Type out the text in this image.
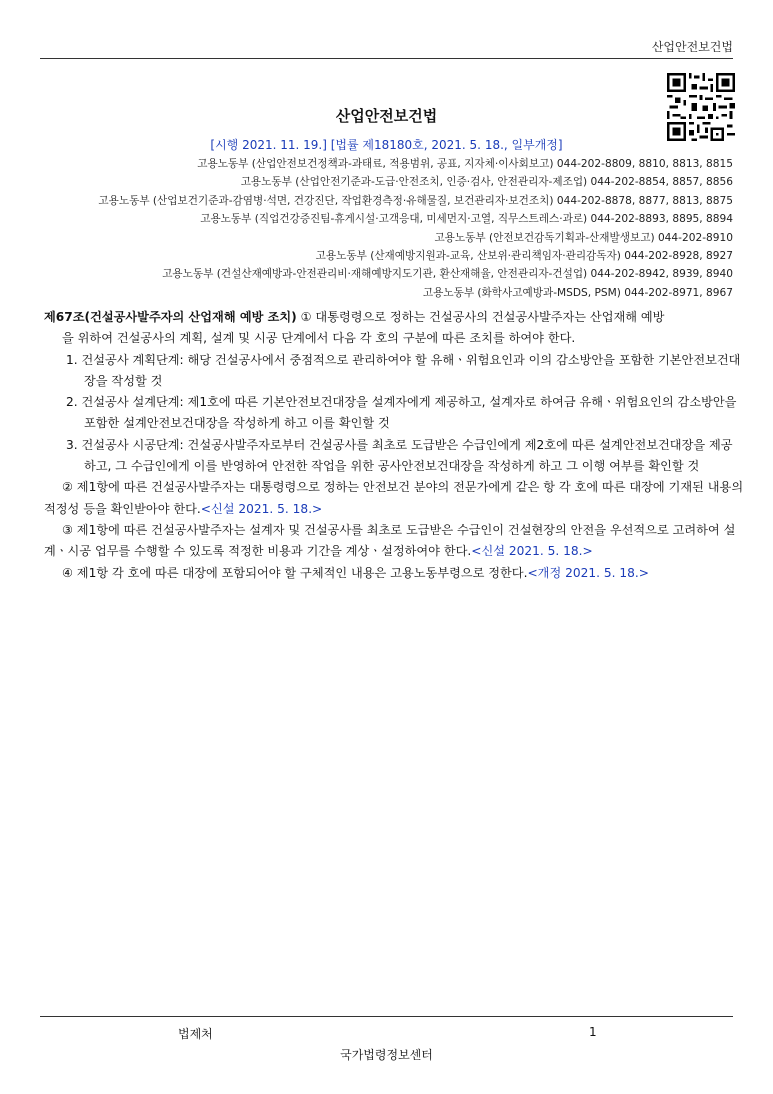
산업안전보건법
산업안전보건법
[시행 2021. 11. 19.] [법률 제18180호, 2021. 5. 18., 일부개정]
고용노동부 (산업안전보건정책과-과태료, 적용범위, 공표, 지자체·이사회보고) 044-202-8809, 8810, 8813, 8815
고용노동부 (산업안전기준과-도급·안전조치, 인증·검사, 안전관리자-제조업) 044-202-8854, 8857, 8856
고용노동부 (산업보건기준과-감염병·석면, 건강진단, 작업환경측정·유해물질, 보건관리자·보건조치) 044-202-8878, 8877, 8813, 8875
고용노동부 (직업건강증진팀-휴게시설·고객응대, 미세먼지·고열, 직무스트레스·과로) 044-202-8893, 8895, 8894
고용노동부 (안전보건감독기획과-산재발생보고) 044-202-8910
고용노동부 (산재예방지원과-교육, 산보위·관리책임자·관리감독자) 044-202-8928, 8927
고용노동부 (건설산재예방과-안전관리비·재해예방지도기관, 환산재해율, 안전관리자-건설업) 044-202-8942, 8939, 8940
고용노동부 (화학사고예방과-MSDS, PSM) 044-202-8971, 8967

제67조(건설공사발주자의 산업재해 예방 조치) ① 대통령령으로 정하는 건설공사의 건설공사발주자는 산업재해 예방

을 위하여 건설공사의 계획, 설계 및 시공 단계에서 다음 각 호의 구분에 따른 조치를 하여야 한다.

1. 건설공사 계획단계: 해당 건설공사에서 중점적으로 관리하여야 할 유해ㆍ위험요인과 이의 감소방안을 포함한 기본안전보건대장을 작성할 것

2. 건설공사 설계단계: 제1호에 따른 기본안전보건대장을 설계자에게 제공하고, 설계자로 하여금 유해ㆍ위험요인의 감소방안을 포함한 설계안전보건대장을 작성하게 하고 이를 확인할 것

3. 건설공사 시공단계: 건설공사발주자로부터 건설공사를 최초로 도급받은 수급인에게 제2호에 따른 설계안전보건대장을 제공하고, 그 수급인에게 이를 반영하여 안전한 작업을 위한 공사안전보건대장을 작성하게 하고 그 이행 여부를 확인할 것

② 제1항에 따른 건설공사발주자는 대통령령으로 정하는 안전보건 분야의 전문가에게 같은 항 각 호에 따른 대장에 기재된 내용의 적정성 등을 확인받아야 한다.<신설 2021. 5. 18.>

③ 제1항에 따른 건설공사발주자는 설계자 및 건설공사를 최초로 도급받은 수급인이 건설현장의 안전을 우선적으로 고려하여 설계ㆍ시공 업무를 수행할 수 있도록 적정한 비용과 기간을 계상ㆍ설정하여야 한다.<신설 2021. 5. 18.>

④ 제1항 각 호에 따른 대장에 포함되어야 할 구체적인 내용은 고용노동부령으로 정한다.<개정 2021. 5. 18.>

법제처	1
국가법령정보센터
